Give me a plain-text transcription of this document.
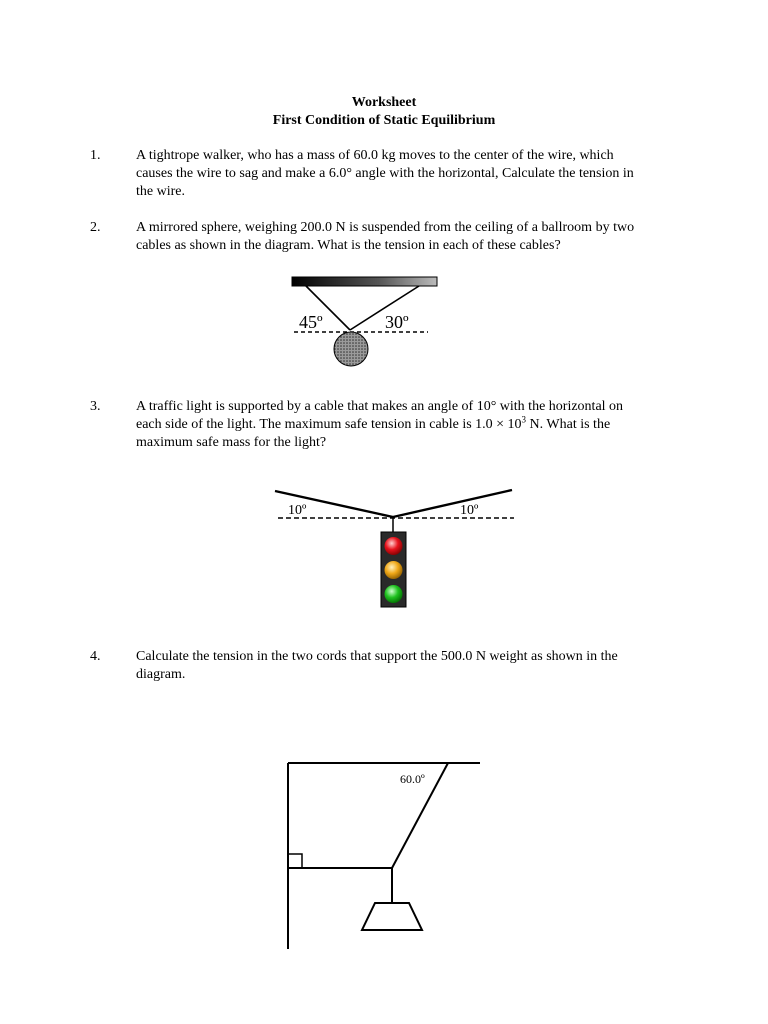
Worksheet
First Condition of Static Equilibrium
1.	A tightrope walker, who has a mass of 60.0 kg moves to the center of the wire, which
causes the wire to sag and make a 6.0° angle with the horizontal, Calculate the tension in
the wire.
2.	A mirrored sphere, weighing 200.0 N is suspended from the ceiling of a ballroom by two
cables as shown in the diagram. What is the tension in each of these cables?
45º	30º
3.	A traffic light is supported by a cable that makes an angle of 10° with the horizontal on
each side of the light. The maximum safe tension in cable is $1.0 \times 10^3$ N. What is the
maximum safe mass for the light?
10º	10º
4.	Calculate the tension in the two cords that support the 500.0 N weight as shown in the
diagram.
60.0º
